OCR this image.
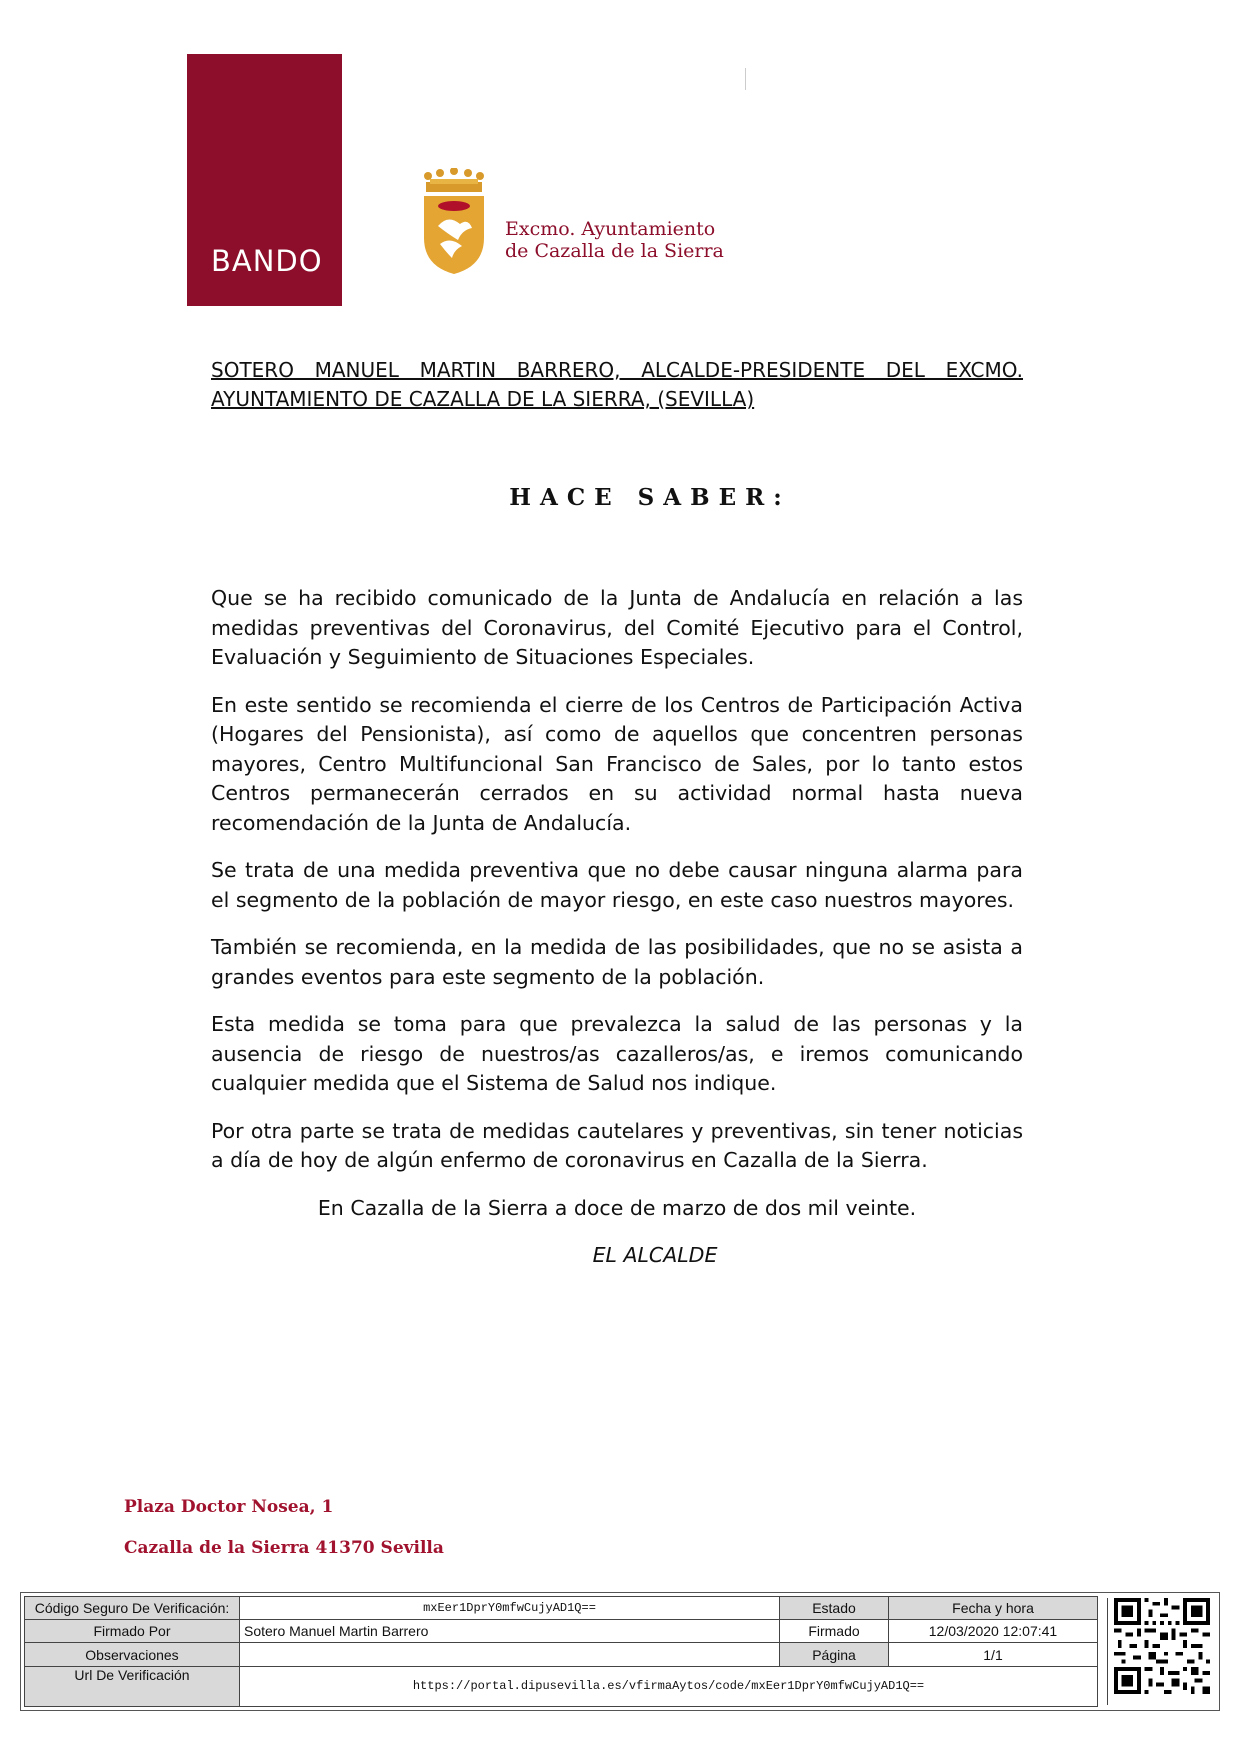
BANDO
Excmo. Ayuntamiento
de Cazalla de la Sierra
SOTERO MANUEL MARTIN BARRERO, ALCALDE-PRESIDENTE DEL EXCMO.
AYUNTAMIENTO DE CAZALLA DE LA SIERRA, (SEVILLA)
HACE SABER:

Que se ha recibido comunicado de la Junta de Andalucía en relación a las medidas preventivas del Coronavirus, del Comité Ejecutivo para el Control, Evaluación y Seguimiento de Situaciones Especiales.

En este sentido se recomienda el cierre de los Centros de Participación Activa (Hogares del Pensionista), así como de aquellos que concentren personas mayores, Centro Multifuncional San Francisco de Sales, por lo tanto estos Centros permanecerán cerrados en su actividad normal hasta nueva recomendación de la Junta de Andalucía.

Se trata de una medida preventiva que no debe causar ninguna alarma para el segmento de la población de mayor riesgo, en este caso nuestros mayores.

También se recomienda, en la medida de las posibilidades, que no se asista a grandes eventos para este segmento de la población.

Esta medida se toma para que prevalezca la salud de las personas y la ausencia de riesgo de nuestros/as cazalleros/as, e iremos comunicando cualquier medida que el Sistema de Salud nos indique.

Por otra parte se trata de medidas cautelares y preventivas, sin tener noticias a día de hoy de algún enfermo de coronavirus en Cazalla de la Sierra.

En Cazalla de la Sierra a doce de marzo de dos mil veinte.

EL ALCALDE

Plaza Doctor Nosea, 1
Cazalla de la Sierra 41370 Sevilla
Código Seguro De Verificación:	mxEer1DprY0mfwCujyAD1Q==	Estado	Fecha y hora
Firmado Por	Sotero Manuel Martin Barrero	Firmado	12/03/2020 12:07:41
Observaciones		Página	1/1
Url De Verificación	https://portal.dipusevilla.es/vfirmaAytos/code/mxEer1DprY0mfwCujyAD1Q==		
